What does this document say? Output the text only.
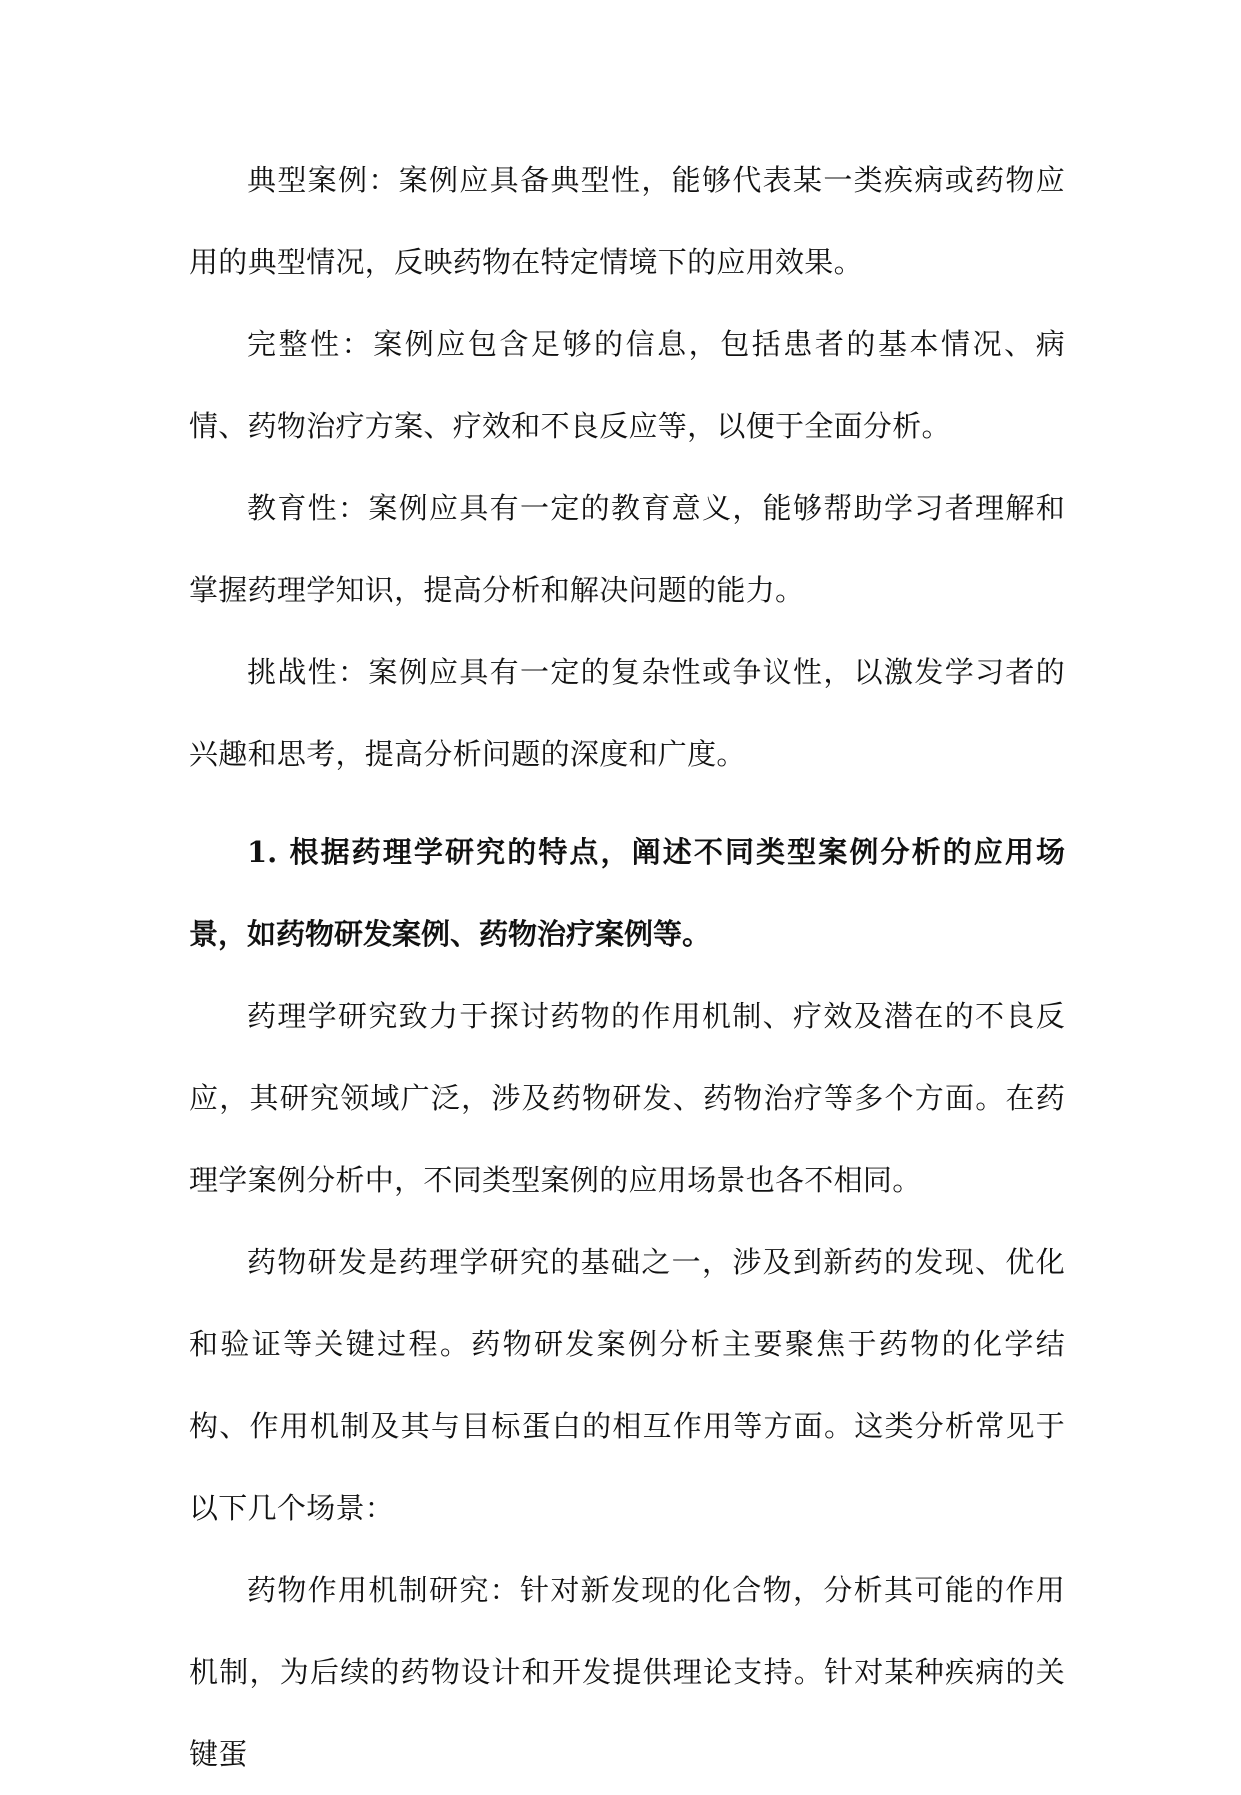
典型案例：案例应具备典型性，能够代表某一类疾病或药物应用的典型情况，反映药物在特定情境下的应用效果。

完整性：案例应包含足够的信息，包括患者的基本情况、病情、药物治疗方案、疗效和不良反应等，以便于全面分析。

教育性：案例应具有一定的教育意义，能够帮助学习者理解和掌握药理学知识，提高分析和解决问题的能力。

挑战性：案例应具有一定的复杂性或争议性，以激发学习者的兴趣和思考，提高分析问题的深度和广度。

1. 根据药理学研究的特点，阐述不同类型案例分析的应用场景，如药物研发案例、药物治疗案例等。

药理学研究致力于探讨药物的作用机制、疗效及潜在的不良反应，其研究领域广泛，涉及药物研发、药物治疗等多个方面。在药理学案例分析中，不同类型案例的应用场景也各不相同。

药物研发是药理学研究的基础之一，涉及到新药的发现、优化和验证等关键过程。药物研发案例分析主要聚焦于药物的化学结构、作用机制及其与目标蛋白的相互作用等方面。这类分析常见于以下几个场景：

药物作用机制研究：针对新发现的化合物，分析其可能的作用机制，为后续的药物设计和开发提供理论支持。针对某种疾病的关键蛋
